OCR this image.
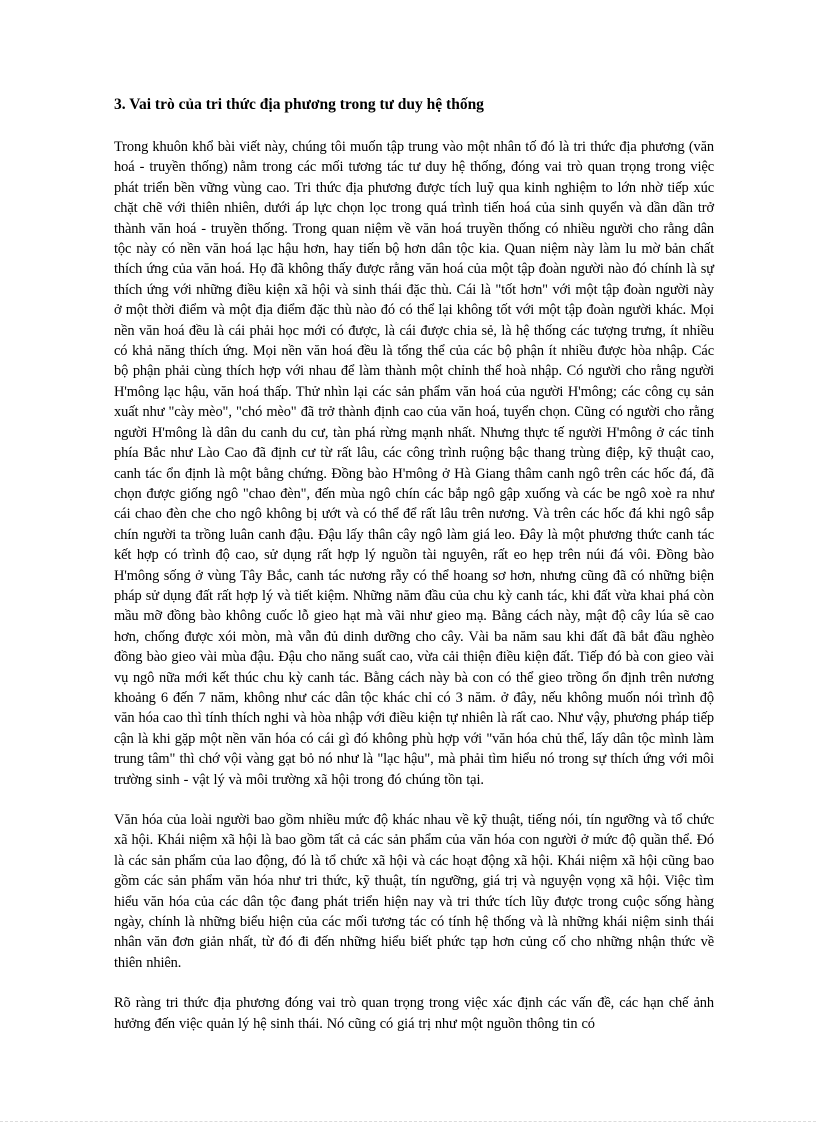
3. Vai trò của tri thức địa phương trong tư duy hệ thống

Trong khuôn khổ bài viết này, chúng tôi muốn tập trung vào một nhân tố đó là tri thức địa phương (văn hoá - truyền thống) nằm trong các mối tương tác tư duy hệ thống, đóng vai trò quan trọng trong việc phát triển bền vững vùng cao. Tri thức địa phương được tích luỹ qua kinh nghiệm to lớn nhờ tiếp xúc chặt chẽ với thiên nhiên, dưới áp lực chọn lọc trong quá trình tiến hoá của sinh quyển và dần dần trở thành văn hoá - truyền thống. Trong quan niệm về văn hoá truyền thống có nhiều người cho rằng dân tộc này có nền văn hoá lạc hậu hơn, hay tiến bộ hơn dân tộc kia. Quan niệm này làm lu mờ bản chất thích ứng của văn hoá. Họ đã không thấy được rằng văn hoá của một tập đoàn người nào đó chính là sự thích ứng với những điều kiện xã hội và sinh thái đặc thù. Cái là "tốt hơn" với một tập đoàn người này ở một thời điểm và một địa điểm đặc thù nào đó có thể lại không tốt với một tập đoàn người khác. Mọi nền văn hoá đều là cái phải học mới có được, là cái được chia sẻ, là hệ thống các tượng trưng, ít nhiều có khả năng thích ứng. Mọi nền văn hoá đều là tổng thể của các bộ phận ít nhiều được hòa nhập. Các bộ phận phải cùng thích hợp với nhau để làm thành một chỉnh thể hoà nhập. Có người cho rằng người H'mông lạc hậu, văn hoá thấp. Thử nhìn lại các sản phẩm văn hoá của người H'mông; các công cụ sản xuất như "cày mèo", "chó mèo" đã trở thành định cao của văn hoá, tuyển chọn. Cũng có người cho rằng người H'mông là dân du canh du cư, tàn phá rừng mạnh nhất. Nhưng thực tế người H'mông ở các tỉnh phía Bắc như Lào Cao đã định cư từ rất lâu, các công trình ruộng bậc thang trùng điệp, kỹ thuật cao, canh tác ổn định là một bằng chứng. Đồng bào H'mông ở Hà Giang thâm canh ngô trên các hốc đá, đã chọn được giống ngô "chao đèn", đến mùa ngô chín các bắp ngô gập xuống và các be ngô xoè ra như cái chao đèn che cho ngô không bị ướt và có thể để rất lâu trên nương. Và trên các hốc đá khi ngô sắp chín người ta trồng luân canh đậu. Đậu lấy thân cây ngô làm giá leo. Đây là một phương thức canh tác kết hợp có trình độ cao, sử dụng rất hợp lý nguồn tài nguyên, rất eo hẹp trên núi đá vôi. Đồng bào H'mông sống ở vùng Tây Bắc, canh tác nương rẫy có thể hoang sơ hơn, nhưng cũng đã có những biện pháp sử dụng đất rất hợp lý và tiết kiệm. Những năm đầu của chu kỳ canh tác, khi đất vừa khai phá còn mầu mỡ đồng bào không cuốc lỗ gieo hạt mà vãi như gieo mạ. Bằng cách này, mật độ cây lúa sẽ cao hơn, chống được xói mòn, mà vẫn đủ dinh dưỡng cho cây. Vài ba năm sau khi đất đã bắt đầu nghèo đồng bào gieo vài mùa đậu. Đậu cho năng suất cao, vừa cải thiện điều kiện đất. Tiếp đó bà con gieo vài vụ ngô nữa mới kết thúc chu kỳ canh tác. Bằng cách này bà con có thể gieo trồng ổn định trên nương khoảng 6 đến 7 năm, không như các dân tộc khác chỉ có 3 năm. ở đây, nếu không muốn nói trình độ văn hóa cao thì tính thích nghi và hòa nhập với điều kiện tự nhiên là rất cao. Như vậy, phương pháp tiếp cận là khi gặp một nền văn hóa có cái gì đó không phù hợp với "văn hóa chủ thể, lấy dân tộc mình làm trung tâm" thì chớ vội vàng gạt bỏ nó như là "lạc hậu", mà phải tìm hiểu nó trong sự thích ứng với môi trường sinh - vật lý và môi trường xã hội trong đó chúng tồn tại.

Văn hóa của loài người bao gồm nhiều mức độ khác nhau về kỹ thuật, tiếng nói, tín ngưỡng và tổ chức xã hội. Khái niệm xã hội là bao gồm tất cả các sản phẩm của văn hóa con người ở mức độ quần thể. Đó là các sản phẩm của lao động, đó là tổ chức xã hội và các hoạt động xã hội. Khái niệm xã hội cũng bao gồm các sản phẩm văn hóa như tri thức, kỹ thuật, tín ngưỡng, giá trị và nguyện vọng xã hội. Việc tìm hiểu văn hóa của các dân tộc đang phát triển hiện nay và tri thức tích lũy được trong cuộc sống hàng ngày, chính là những biểu hiện của các mối tương tác có tính hệ thống và là những khái niệm sinh thái nhân văn đơn giản nhất, từ đó đi đến những hiểu biết phức tạp hơn củng cố cho những nhận thức về thiên nhiên.

Rõ ràng tri thức địa phương đóng vai trò quan trọng trong việc xác định các vấn đề, các hạn chế ảnh hưởng đến việc quản lý hệ sinh thái. Nó cũng có giá trị như một nguồn thông tin có
